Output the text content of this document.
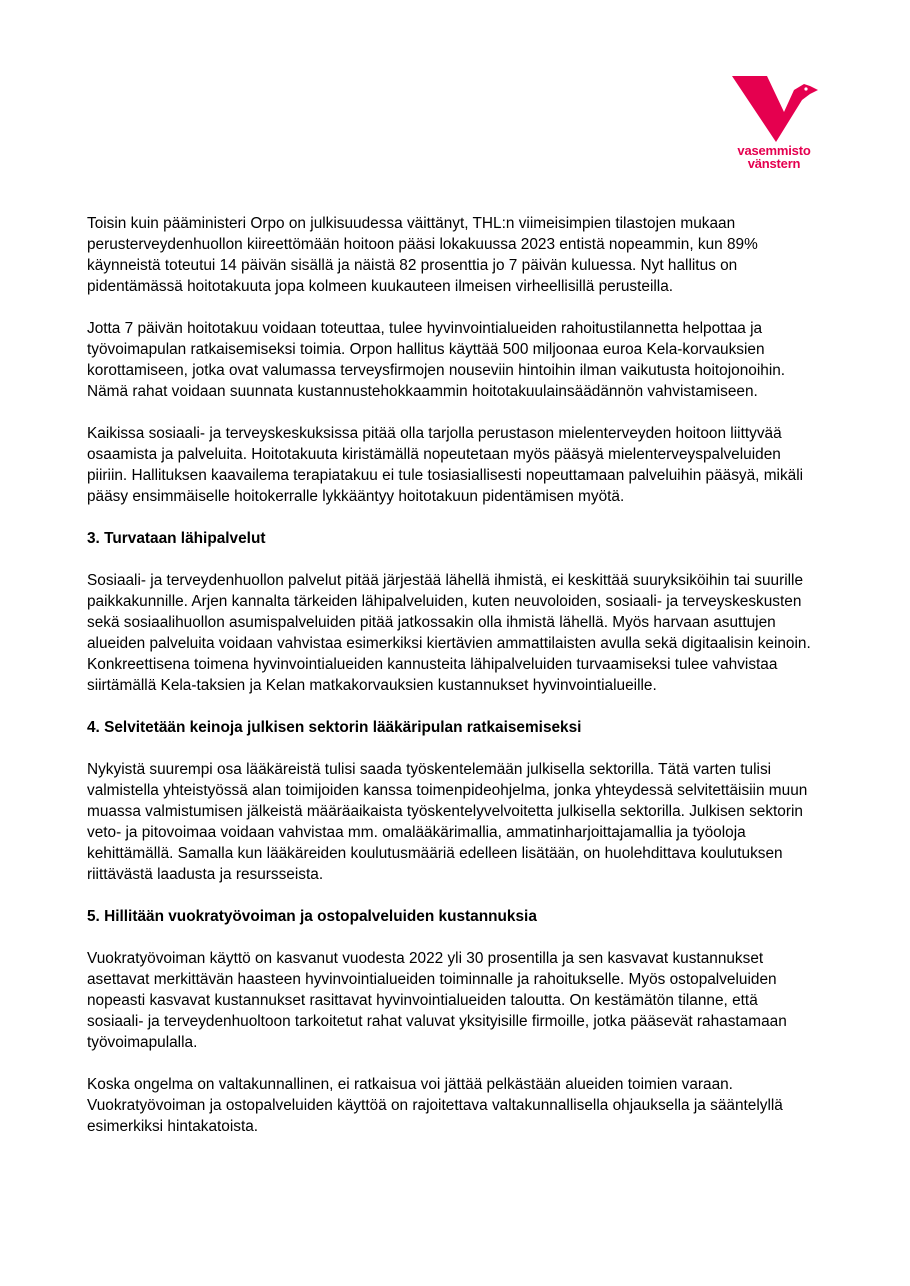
vasemmisto
vänstern

Toisin kuin pääministeri Orpo on julkisuudessa väittänyt, THL:n viimeisimpien tilastojen mukaan
perusterveydenhuollon kiireettömään hoitoon pääsi lokakuussa 2023 entistä nopeammin, kun 89%
käynneistä toteutui 14 päivän sisällä ja näistä 82 prosenttia jo 7 päivän kuluessa. Nyt hallitus on
pidentämässä hoitotakuuta jopa kolmeen kuukauteen ilmeisen virheellisillä perusteilla.

Jotta 7 päivän hoitotakuu voidaan toteuttaa, tulee hyvinvointialueiden rahoitustilannetta helpottaa ja
työvoimapulan ratkaisemiseksi toimia. Orpon hallitus käyttää 500 miljoonaa euroa Kela-korvauksien
korottamiseen, jotka ovat valumassa terveysfirmojen nouseviin hintoihin ilman vaikutusta hoitojonoihin.
Nämä rahat voidaan suunnata kustannustehokkaammin hoitotakuulainsäädännön vahvistamiseen.

Kaikissa sosiaali- ja terveyskeskuksissa pitää olla tarjolla perustason mielenterveyden hoitoon liittyvää
osaamista ja palveluita. Hoitotakuuta kiristämällä nopeutetaan myös pääsyä mielenterveyspalveluiden
piiriin. Hallituksen kaavailema terapiatakuu ei tule tosiasiallisesti nopeuttamaan palveluihin pääsyä, mikäli
pääsy ensimmäiselle hoitokerralle lykkääntyy hoitotakuun pidentämisen myötä.

3. Turvataan lähipalvelut

Sosiaali- ja terveydenhuollon palvelut pitää järjestää lähellä ihmistä, ei keskittää suuryksiköihin tai suurille
paikkakunnille. Arjen kannalta tärkeiden lähipalveluiden, kuten neuvoloiden, sosiaali- ja terveyskeskusten
sekä sosiaalihuollon asumispalveluiden pitää jatkossakin olla ihmistä lähellä. Myös harvaan asuttujen
alueiden palveluita voidaan vahvistaa esimerkiksi kiertävien ammattilaisten avulla sekä digitaalisin keinoin.
Konkreettisena toimena hyvinvointialueiden kannusteita lähipalveluiden turvaamiseksi tulee vahvistaa
siirtämällä Kela-taksien ja Kelan matkakorvauksien kustannukset hyvinvointialueille.

4. Selvitetään keinoja julkisen sektorin lääkäripulan ratkaisemiseksi

Nykyistä suurempi osa lääkäreistä tulisi saada työskentelemään julkisella sektorilla. Tätä varten tulisi
valmistella yhteistyössä alan toimijoiden kanssa toimenpideohjelma, jonka yhteydessä selvitettäisiin muun
muassa valmistumisen jälkeistä määräaikaista työskentelyvelvoitetta julkisella sektorilla. Julkisen sektorin
veto- ja pitovoimaa voidaan vahvistaa mm. omalääkärimallia, ammatinharjoittajamallia ja työoloja
kehittämällä. Samalla kun lääkäreiden koulutusmääriä edelleen lisätään, on huolehdittava koulutuksen
riittävästä laadusta ja resursseista.

5. Hillitään vuokratyövoiman ja ostopalveluiden kustannuksia

Vuokratyövoiman käyttö on kasvanut vuodesta 2022 yli 30 prosentilla ja sen kasvavat kustannukset
asettavat merkittävän haasteen hyvinvointialueiden toiminnalle ja rahoitukselle. Myös ostopalveluiden
nopeasti kasvavat kustannukset rasittavat hyvinvointialueiden taloutta. On kestämätön tilanne, että
sosiaali- ja terveydenhuoltoon tarkoitetut rahat valuvat yksityisille firmoille, jotka pääsevät rahastamaan
työvoimapulalla.

Koska ongelma on valtakunnallinen, ei ratkaisua voi jättää pelkästään alueiden toimien varaan.
Vuokratyövoiman ja ostopalveluiden käyttöä on rajoitettava valtakunnallisella ohjauksella ja sääntelyllä
esimerkiksi hintakatoista.
